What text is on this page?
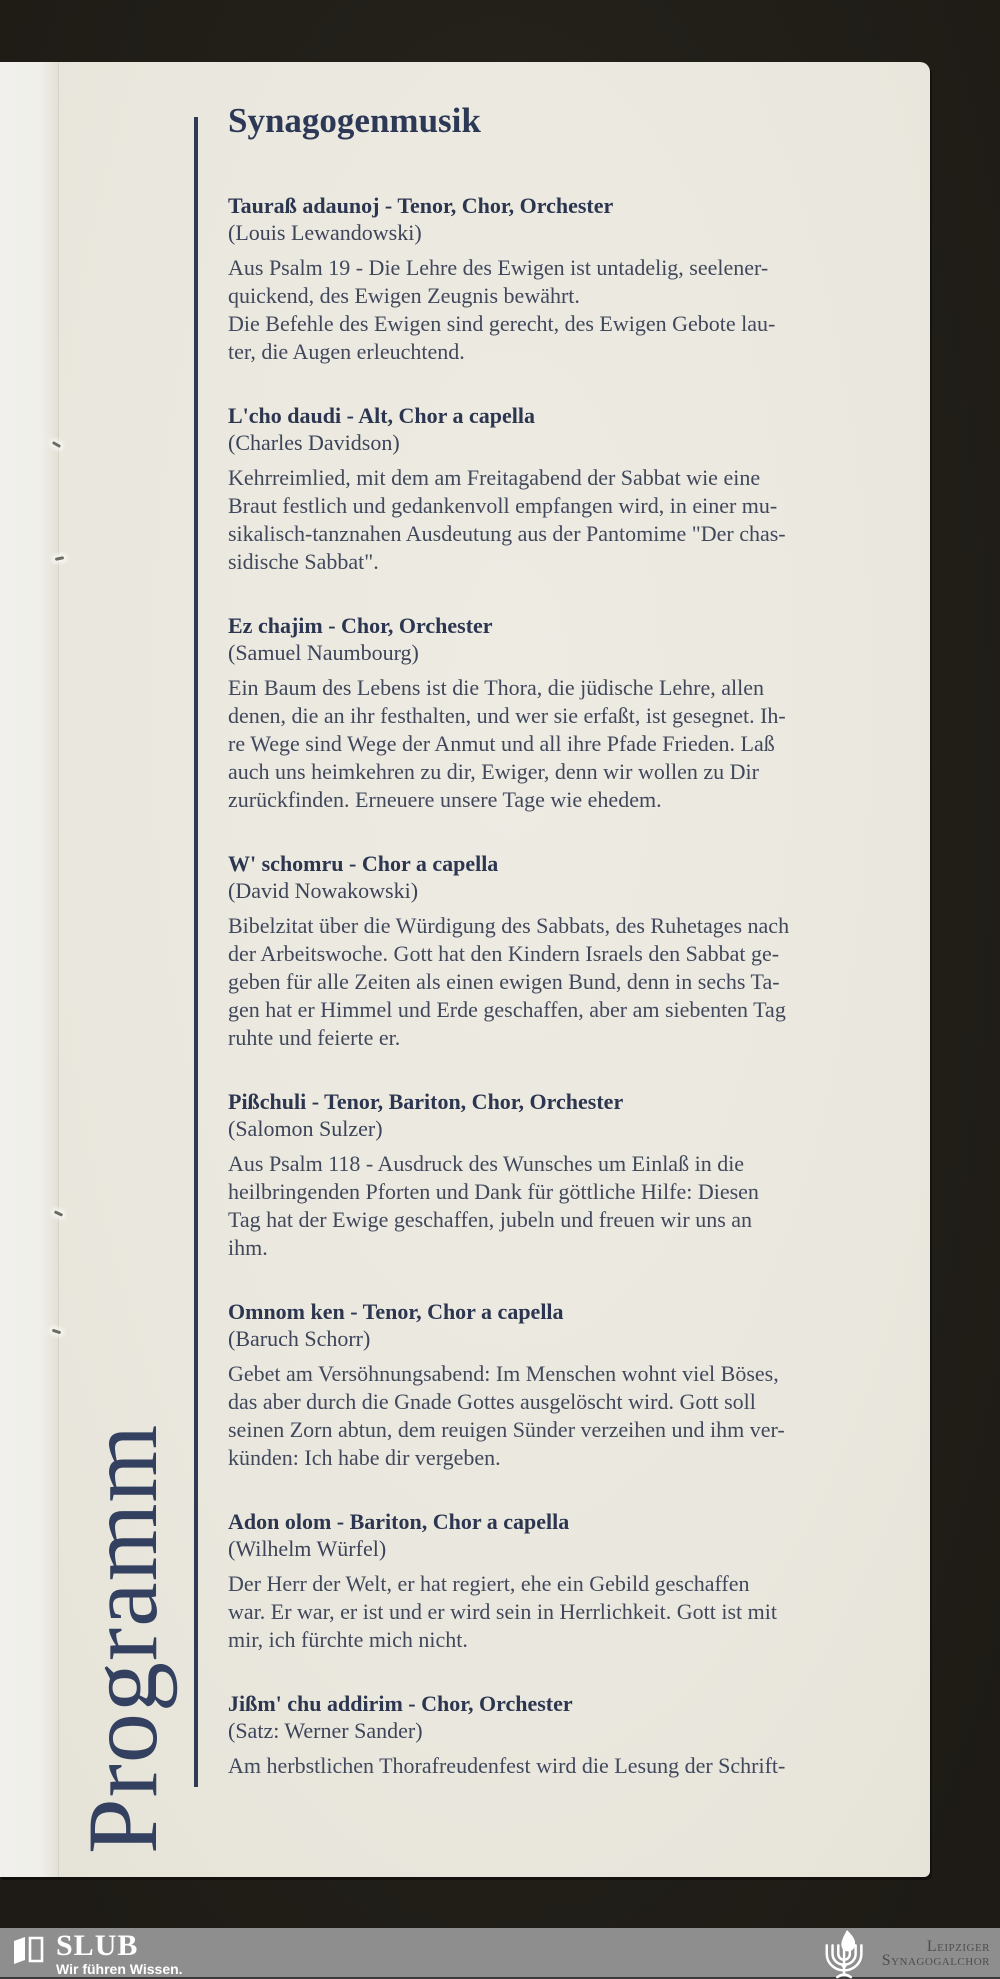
Programm
Synagogenmusik
Tauraß adaunoj - Tenor, Chor, Orchester
(Louis Lewandowski)
Aus Psalm 19 - Die Lehre des Ewigen ist untadelig, seelener-
quickend, des Ewigen Zeugnis bewährt.
Die Befehle des Ewigen sind gerecht, des Ewigen Gebote lau-
ter, die Augen erleuchtend.
L'cho daudi - Alt, Chor a capella
(Charles Davidson)
Kehrreimlied, mit dem am Freitagabend der Sabbat wie eine
Braut festlich und gedankenvoll empfangen wird, in einer mu-
sikalisch-tanznahen Ausdeutung aus der Pantomime "Der chas-
sidische Sabbat".
Ez chajim - Chor, Orchester
(Samuel Naumbourg)
Ein Baum des Lebens ist die Thora, die jüdische Lehre, allen
denen, die an ihr festhalten, und wer sie erfaßt, ist gesegnet. Ih-
re Wege sind Wege der Anmut und all ihre Pfade Frieden. Laß
auch uns heimkehren zu dir, Ewiger, denn wir wollen zu Dir
zurückfinden. Erneuere unsere Tage wie ehedem.
W' schomru - Chor a capella
(David Nowakowski)
Bibelzitat über die Würdigung des Sabbats, des Ruhetages nach
der Arbeitswoche. Gott hat den Kindern Israels den Sabbat ge-
geben für alle Zeiten als einen ewigen Bund, denn in sechs Ta-
gen hat er Himmel und Erde geschaffen, aber am siebenten Tag
ruhte und feierte er.
Pißchuli - Tenor, Bariton, Chor, Orchester
(Salomon Sulzer)
Aus Psalm 118 - Ausdruck des Wunsches um Einlaß in die
heilbringenden Pforten und Dank für göttliche Hilfe: Diesen
Tag hat der Ewige geschaffen, jubeln und freuen wir uns an
ihm.
Omnom ken - Tenor, Chor a capella
(Baruch Schorr)
Gebet am Versöhnungsabend: Im Menschen wohnt viel Böses,
das aber durch die Gnade Gottes ausgelöscht wird. Gott soll
seinen Zorn abtun, dem reuigen Sünder verzeihen und ihm ver-
künden: Ich habe dir vergeben.
Adon olom - Bariton, Chor a capella
(Wilhelm Würfel)
Der Herr der Welt, er hat regiert, ehe ein Gebild geschaffen
war. Er war, er ist und er wird sein in Herrlichkeit. Gott ist mit
mir, ich fürchte mich nicht.
Jißm' chu addirim - Chor, Orchester
(Satz: Werner Sander)
Am herbstlichen Thorafreudenfest wird die Lesung der Schrift-
SLUB
Wir führen Wissen.
Leipziger
Synagogalchor
